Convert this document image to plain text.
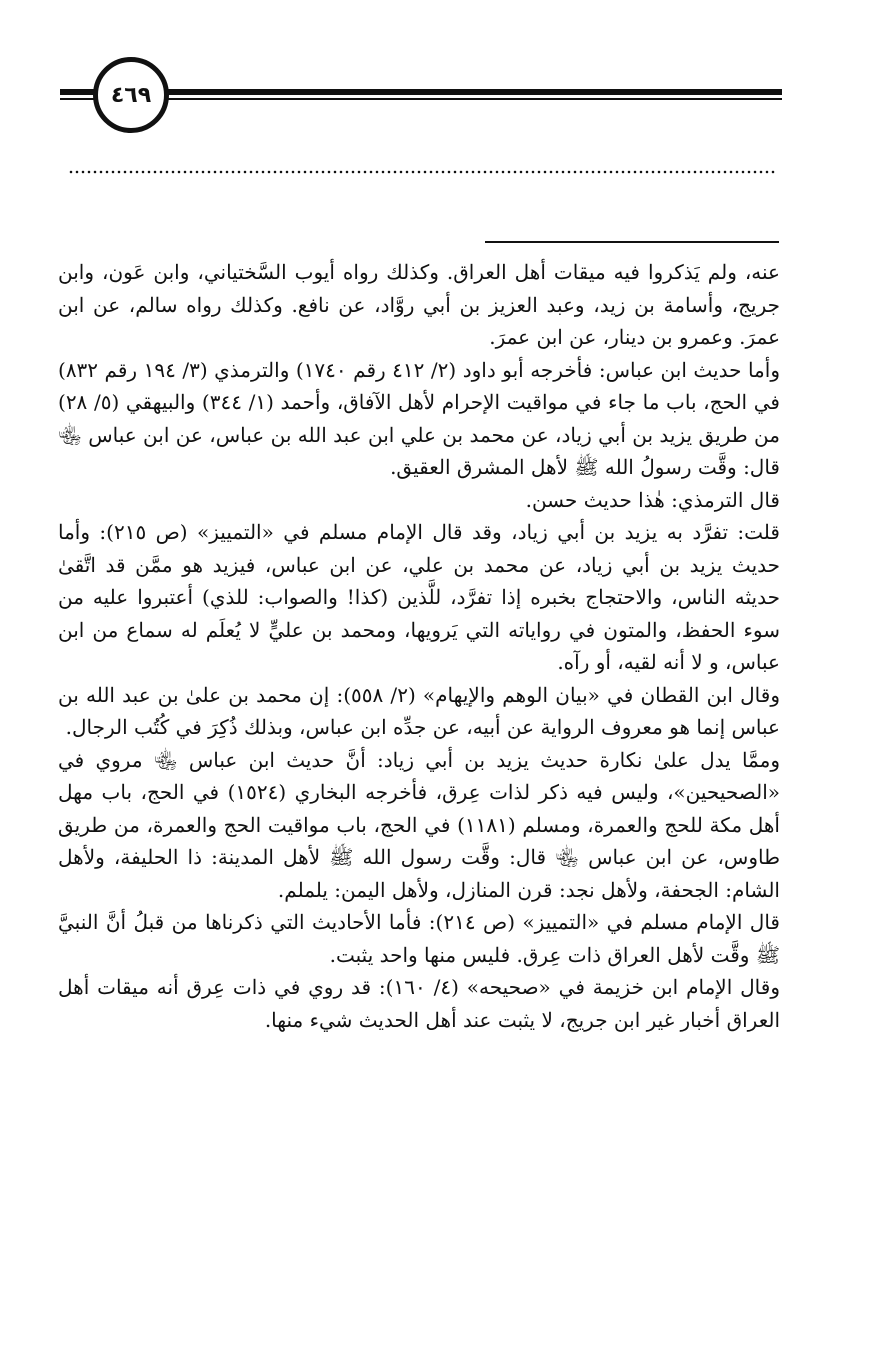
٤٦٩

عنه، ولم يَذكروا فيه ميقات أهل العراق. وكذلك رواه أيوب السَّختياني، وابن عَون، وابن جريج، وأسامة بن زيد، وعبد العزيز بن أبي روَّاد، عن نافع. وكذلك رواه سالم، عن ابن عمرَ. وعمرو بن دينار، عن ابن عمرَ.

وأما حديث ابن عباس: فأخرجه أبو داود (٢/ ٤١٢ رقم ١٧٤٠) والترمذي (٣/ ١٩٤ رقم ٨٣٢) في الحج، باب ما جاء في مواقيت الإحرام لأهل الآفاق، وأحمد (١/ ٣٤٤) والبيهقي (٥/ ٢٨) من طريق يزيد بن أبي زياد، عن محمد بن علي ابن عبد الله بن عباس، عن ابن عباس ﵄ قال: وقَّت رسولُ الله ﷺ لأهل المشرق العقيق.

قال الترمذي: هٰذا حديث حسن.

قلت: تفرَّد به يزيد بن أبي زياد، وقد قال الإمام مسلم في «التمييز» (ص ٢١٥): وأما حديث يزيد بن أبي زياد، عن محمد بن علي، عن ابن عباس، فيزيد هو ممَّن قد اتَّقىٰ حديثه الناس، والاحتجاج بخبره إذا تفرَّد، للَّذين (كذا! والصواب: للذي) أعتبروا عليه من سوء الحفظ، والمتون في رواياته التي يَرويها، ومحمد بن عليٍّ لا يُعلَم له سماع من ابن عباس، و لا أنه لقيه، أو رآه.

وقال ابن القطان في «بيان الوهم والإيهام» (٢/ ٥٥٨): إن محمد بن علىٰ بن عبد الله بن عباس إنما هو معروف الرواية عن أبيه، عن جدِّه ابن عباس، وبذلك ذُكِرَ في كُتُب الرجال.

وممَّا يدل علىٰ نكارة حديث يزيد بن أبي زياد: أنَّ حديث ابن عباس ﵄ مروي في «الصحيحين»، وليس فيه ذكر لذات عِرق، فأخرجه البخاري (١٥٢٤) في الحج، باب مهل أهل مكة للحج والعمرة، ومسلم (١١٨١) في الحج، باب مواقيت الحج والعمرة، من طريق طاوس، عن ابن عباس ﵄ قال: وقَّت رسول الله ﷺ لأهل المدينة: ذا الحليفة، ولأهل الشام: الجحفة، ولأهل نجد: قرن المنازل، ولأهل اليمن: يلملم.

قال الإمام مسلم في «التمييز» (ص ٢١٤): فأما الأحاديث التي ذكرناها من قبلُ أنَّ النبيَّ ﷺ وقَّت لأهل العراق ذات عِرق. فليس منها واحد يثبت.

وقال الإمام ابن خزيمة في «صحيحه» (٤/ ١٦٠): قد روي في ذات عِرق أنه ميقات أهل العراق أخبار غير ابن جريج، لا يثبت عند أهل الحديث شيء منها.
